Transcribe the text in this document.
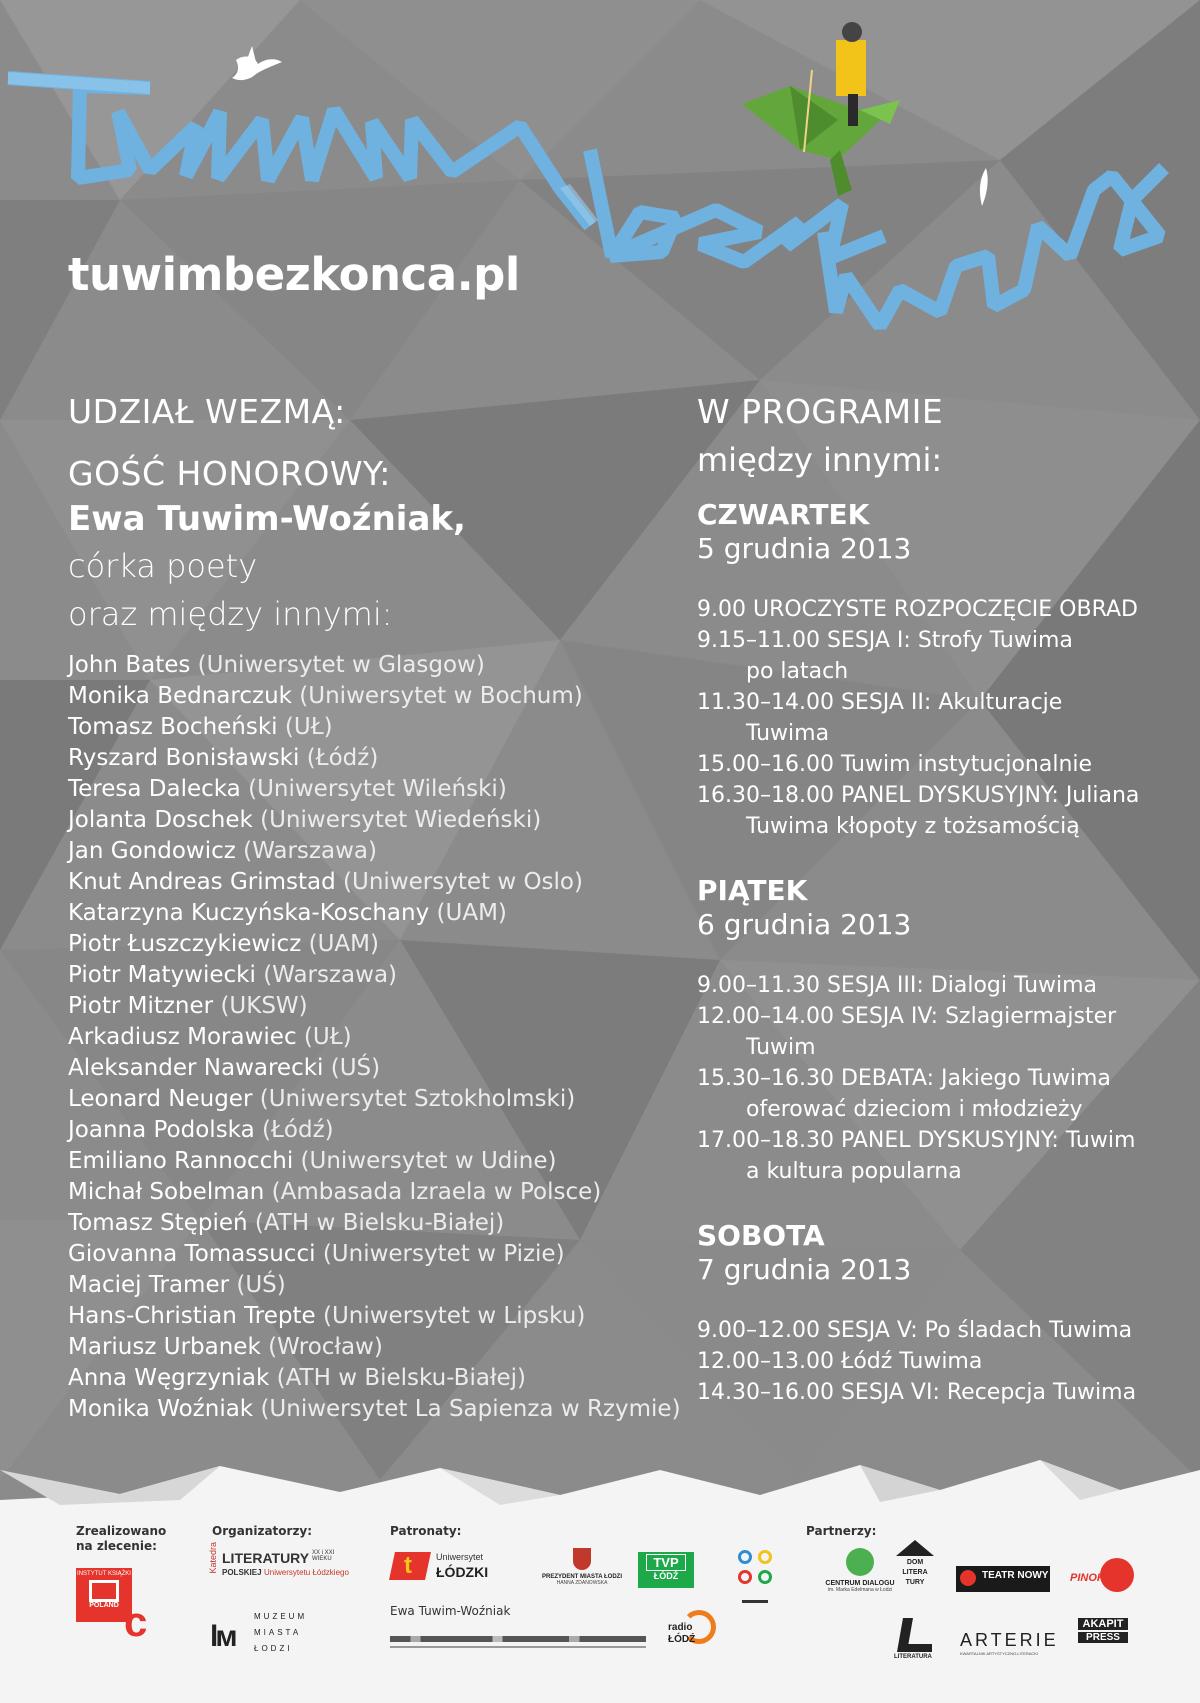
tuwimbezkonca.pl
UDZIAŁ WEZMĄ:
GOŚĆ HONOROWY:
Ewa Tuwim-Woźniak,
córka poety
oraz między innymi:
John Bates (Uniwersytet w Glasgow)
Monika Bednarczuk (Uniwersytet w Bochum)
Tomasz Bocheński (UŁ)
Ryszard Bonisławski (Łódź)
Teresa Dalecka (Uniwersytet Wileński)
Jolanta Doschek (Uniwersytet Wiedeński)
Jan Gondowicz (Warszawa)
Knut Andreas Grimstad (Uniwersytet w Oslo)
Katarzyna Kuczyńska-Koschany (UAM)
Piotr Łuszczykiewicz (UAM)
Piotr Matywiecki (Warszawa)
Piotr Mitzner (UKSW)
Arkadiusz Morawiec (UŁ)
Aleksander Nawarecki (UŚ)
Leonard Neuger (Uniwersytet Sztokholmski)
Joanna Podolska (Łódź)
Emiliano Rannocchi (Uniwersytet w Udine)
Michał Sobelman (Ambasada Izraela w Polsce)
Tomasz Stępień (ATH w Bielsku-Białej)
Giovanna Tomassucci (Uniwersytet w Pizie)
Maciej Tramer (UŚ)
Hans-Christian Trepte (Uniwersytet w Lipsku)
Mariusz Urbanek (Wrocław)
Anna Węgrzyniak (ATH w Bielsku-Białej)
Monika Woźniak (Uniwersytet La Sapienza w Rzymie)
W PROGRAMIE
między innymi:
CZWARTEK
5 grudnia 2013
9.00 UROCZYSTE ROZPOCZĘCIE OBRAD
9.15–11.00 SESJA I: Strofy Tuwima
po latach
11.30–14.00 SESJA II: Akulturacje
Tuwima
15.00–16.00 Tuwim instytucjonalnie
16.30–18.00 PANEL DYSKUSYJNY: Juliana
Tuwima kłopoty z tożsamością
PIĄTEK
6 grudnia 2013
9.00–11.30 SESJA III: Dialogi Tuwima
12.00–14.00 SESJA IV: Szlagiermajster
Tuwim
15.30–16.30 DEBATA: Jakiego Tuwima
oferować dzieciom i młodzieży
17.00–18.30 PANEL DYSKUSYJNY: Tuwim
a kultura popularna
SOBOTA
7 grudnia 2013
9.00–12.00 SESJA V: Po śladach Tuwima
12.00–13.00 Łódź Tuwima
14.30–16.00 SESJA VI: Recepcja Tuwima
Zrealizowano na zlecenie:
Organizatorzy:	Patronaty:	Partnerzy:
Ewa Tuwim-Woźniak
INSTYTUT KSIĄŻKI
POLAND c
Katedra LITERATURY XX i XXI WIEKU
POLSKIEJ Uniwersytetu Łódzkiego
lм
MUZEUM
MIASTA
ŁODZI
t	Uniwersytet
ŁÓDZKI	PREZYDENT MIASTA ŁODZI
HANNA ZDANOWSKA
TVP
ŁÓDŹ
radio
ŁÓDŹ
CENTRUM DIALOGU
im. Marka Edelmana w Łodzi
DOM
LITERA
TURY
LITERATURA
TEATR NOWY
ARTERIE
KWARTALNIK ARTYSTYCZNO-LITERACKI
PINOKIO
AKAPIT
PRESS
